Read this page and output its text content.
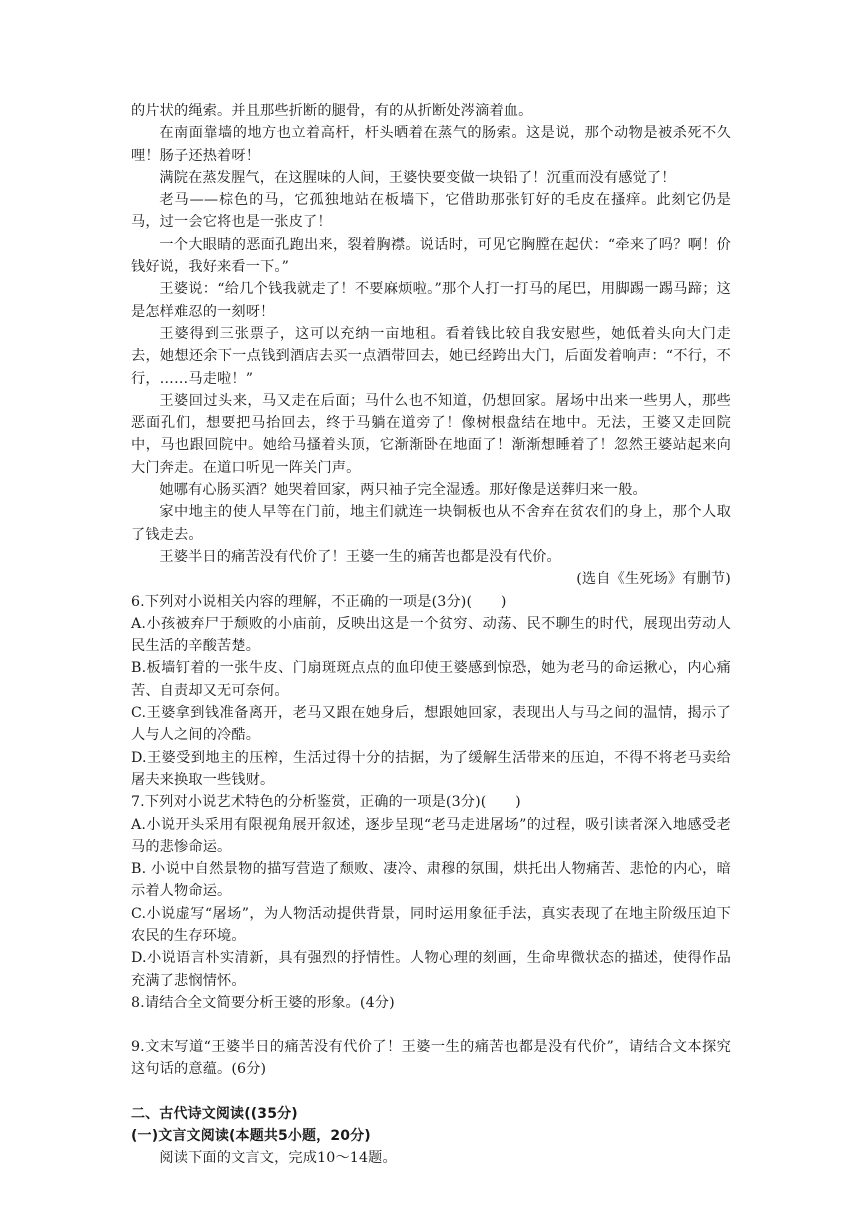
的片状的绳索。并且那些折断的腿骨，有的从折断处涔滴着血。

在南面靠墙的地方也立着高杆，杆头晒着在蒸气的肠索。这是说，那个动物是被杀死不久哩！肠子还热着呀！

满院在蒸发腥气，在这腥味的人间，王婆快要变做一块铅了！沉重而没有感觉了！

老马——棕色的马，它孤独地站在板墙下，它借助那张钉好的毛皮在搔痒。此刻它仍是马，过一会它将也是一张皮了！

一个大眼睛的恶面孔跑出来，裂着胸襟。说话时，可见它胸膛在起伏：“牵来了吗？啊！价钱好说，我好来看一下。”

王婆说：“给几个钱我就走了！不要麻烦啦。”那个人打一打马的尾巴，用脚踢一踢马蹄；这是怎样难忍的一刻呀！

王婆得到三张票子，这可以充纳一亩地租。看着钱比较自我安慰些，她低着头向大门走去，她想还余下一点钱到酒店去买一点酒带回去，她已经跨出大门，后面发着响声：“不行，不行，……马走啦！”

王婆回过头来，马又走在后面；马什么也不知道，仍想回家。屠场中出来一些男人，那些恶面孔们，想要把马抬回去，终于马躺在道旁了！像树根盘结在地中。无法，王婆又走回院中，马也跟回院中。她给马搔着头顶，它渐渐卧在地面了！渐渐想睡着了！忽然王婆站起来向大门奔走。在道口听见一阵关门声。

她哪有心肠买酒？她哭着回家，两只袖子完全湿透。那好像是送葬归来一般。

家中地主的使人早等在门前，地主们就连一块铜板也从不舍弃在贫农们的身上，那个人取了钱走去。

王婆半日的痛苦没有代价了！王婆一生的痛苦也都是没有代价。

(选自《生死场》有删节)

6.下列对小说相关内容的理解，不正确的一项是(3分)(　　)

A.小孩被弃尸于颓败的小庙前，反映出这是一个贫穷、动荡、民不聊生的时代，展现出劳动人民生活的辛酸苦楚。

B.板墙钉着的一张牛皮、门扇斑斑点点的血印使王婆感到惊恐，她为老马的命运揪心，内心痛苦、自责却又无可奈何。

C.王婆拿到钱准备离开，老马又跟在她身后，想跟她回家，表现出人与马之间的温情，揭示了人与人之间的冷酷。

D.王婆受到地主的压榨，生活过得十分的拮据，为了缓解生活带来的压迫，不得不将老马卖给屠夫来换取一些钱财。

7.下列对小说艺术特色的分析鉴赏，正确的一项是(3分)(　　)

A.小说开头采用有限视角展开叙述，逐步呈现“老马走进屠场”的过程，吸引读者深入地感受老马的悲惨命运。

B. 小说中自然景物的描写营造了颓败、凄冷、肃穆的氛围，烘托出人物痛苦、悲怆的内心，暗示着人物命运。

C.小说虚写“屠场”，为人物活动提供背景，同时运用象征手法，真实表现了在地主阶级压迫下农民的生存环境。

D.小说语言朴实清新，具有强烈的抒情性。人物心理的刻画，生命卑微状态的描述，使得作品充满了悲悯情怀。

8.请结合全文简要分析王婆的形象。(4分)

9.文末写道“王婆半日的痛苦没有代价了！王婆一生的痛苦也都是没有代价”，请结合文本探究这句话的意蕴。(6分)

二、古代诗文阅读((35分)

(一)文言文阅读(本题共5小题，20分)

阅读下面的文言文，完成10～14题。
